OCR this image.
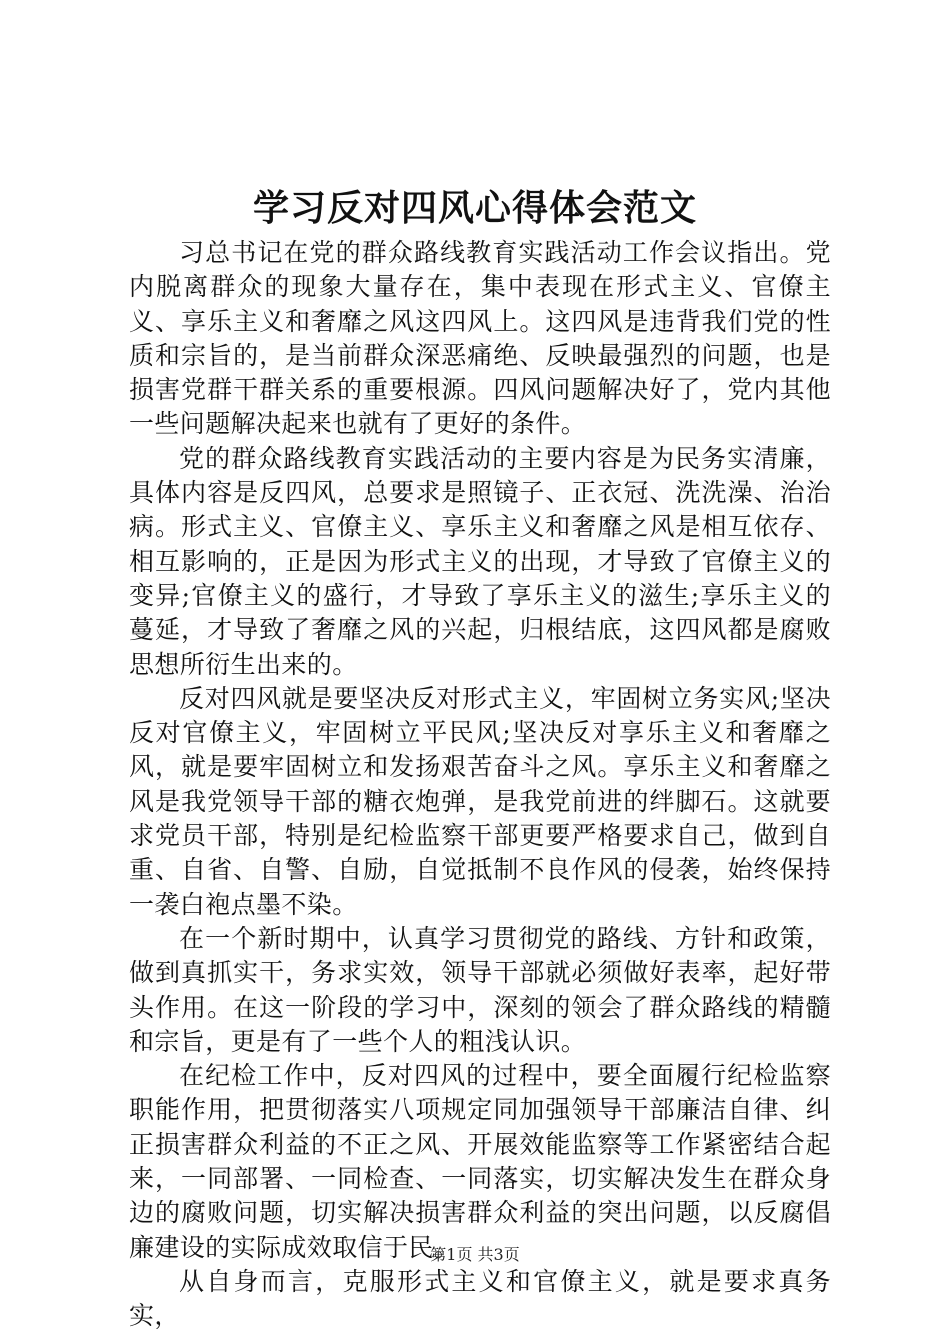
学习反对四风心得体会范文

习总书记在党的群众路线教育实践活动工作会议指出。党内脱离群众的现象大量存在，集中表现在形式主义、官僚主义、享乐主义和奢靡之风这四风上。这四风是违背我们党的性质和宗旨的，是当前群众深恶痛绝、反映最强烈的问题，也是损害党群干群关系的重要根源。四风问题解决好了，党内其他一些问题解决起来也就有了更好的条件。

党的群众路线教育实践活动的主要内容是为民务实清廉，具体内容是反四风，总要求是照镜子、正衣冠、洗洗澡、治治病。形式主义、官僚主义、享乐主义和奢靡之风是相互依存、相互影响的，正是因为形式主义的出现，才导致了官僚主义的变异;官僚主义的盛行，才导致了享乐主义的滋生;享乐主义的蔓延，才导致了奢靡之风的兴起，归根结底，这四风都是腐败思想所衍生出来的。

反对四风就是要坚决反对形式主义，牢固树立务实风;坚决反对官僚主义，牢固树立平民风;坚决反对享乐主义和奢靡之风，就是要牢固树立和发扬艰苦奋斗之风。享乐主义和奢靡之风是我党领导干部的糖衣炮弹，是我党前进的绊脚石。这就要求党员干部，特别是纪检监察干部更要严格要求自己，做到自重、自省、自警、自励，自觉抵制不良作风的侵袭，始终保持一袭白袍点墨不染。

在一个新时期中，认真学习贯彻党的路线、方针和政策，做到真抓实干，务求实效，领导干部就必须做好表率，起好带头作用。在这一阶段的学习中，深刻的领会了群众路线的精髓和宗旨，更是有了一些个人的粗浅认识。

在纪检工作中，反对四风的过程中，要全面履行纪检监察职能作用，把贯彻落实八项规定同加强领导干部廉洁自律、纠正损害群众利益的不正之风、开展效能监察等工作紧密结合起来，一同部署、一同检查、一同落实，切实解决发生在群众身边的腐败问题，切实解决损害群众利益的突出问题，以反腐倡廉建设的实际成效取信于民。

从自身而言，克服形式主义和官僚主义，就是要求真务实，

第1页 共3页
